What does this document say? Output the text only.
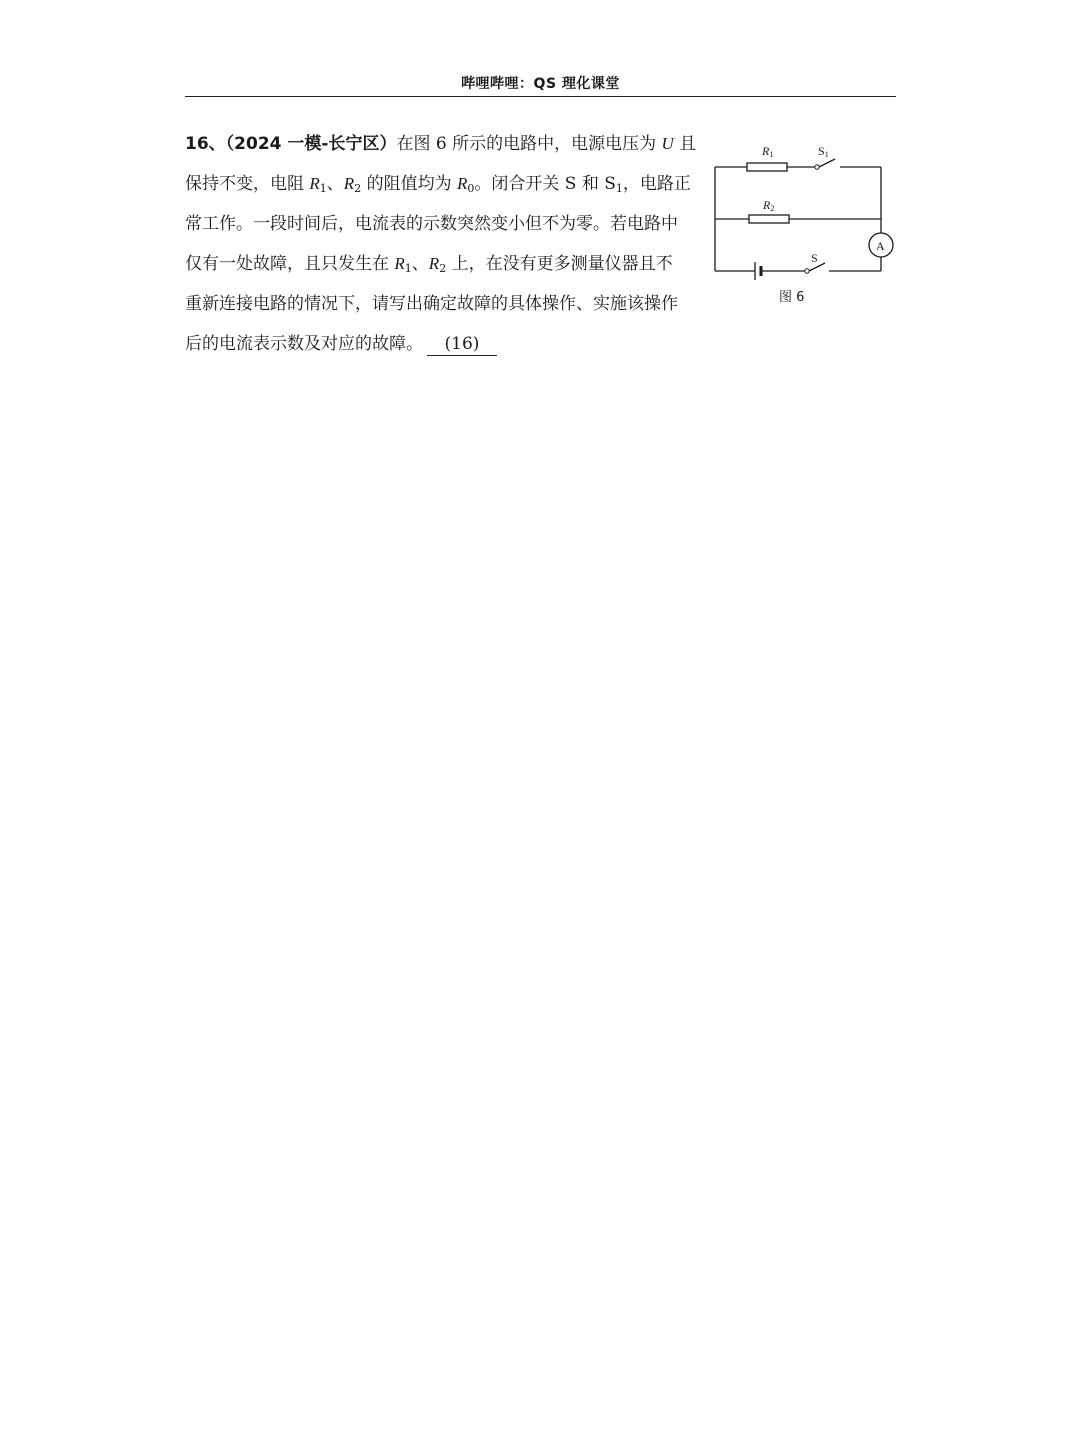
哔哩哔哩：QS 理化课堂
16、（2024 一模-长宁区）在图 6 所示的电路中，电源电压为 U 且
保持不变，电阻 $R_1$、$R_2$ 的阻值均为 $R_0$。闭合开关 S 和 $S_1$，电路正
常工作。一段时间后，电流表的示数突然变小但不为零。若电路中
仅有一处故障，且只发生在 $R_1$、$R_2$ 上，在没有更多测量仪器且不
重新连接电路的情况下，请写出确定故障的具体操作、实施该操作
后的电流表示数及对应的故障。 (16)
R1	S1
R2
S
A
图 6
